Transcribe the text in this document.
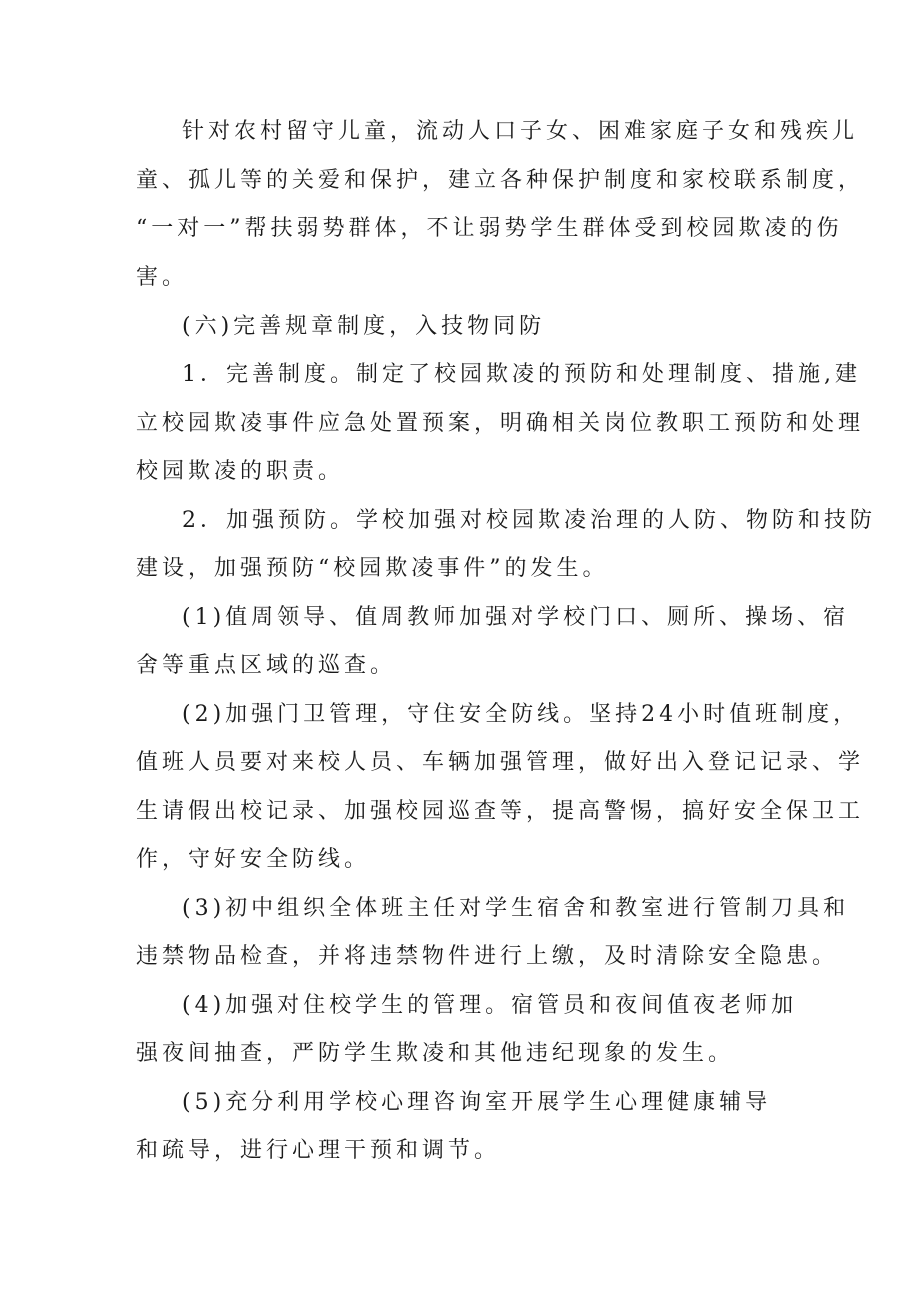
针对农村留守儿童，流动人口子女、困难家庭子女和残疾儿

童、孤儿等的关爱和保护，建立各种保护制度和家校联系制度，

“一对一”帮扶弱势群体，不让弱势学生群体受到校园欺凌的伤

害。

(六)完善规章制度，入技物同防

1．完善制度。制定了校园欺凌的预防和处理制度、措施,建

立校园欺凌事件应急处置预案，明确相关岗位教职工预防和处理

校园欺凌的职责。

2．加强预防。学校加强对校园欺凌治理的人防、物防和技防

建设，加强预防“校园欺凌事件”的发生。

(1)值周领导、值周教师加强对学校门口、厕所、操场、宿

舍等重点区域的巡查。

(2)加强门卫管理，守住安全防线。坚持24小时值班制度，

值班人员要对来校人员、车辆加强管理，做好出入登记记录、学

生请假出校记录、加强校园巡查等，提高警惕，搞好安全保卫工

作，守好安全防线。

(3)初中组织全体班主任对学生宿舍和教室进行管制刀具和

违禁物品检查，并将违禁物件进行上缴，及时清除安全隐患。

(4)加强对住校学生的管理。宿管员和夜间值夜老师加

强夜间抽查，严防学生欺凌和其他违纪现象的发生。

(5)充分利用学校心理咨询室开展学生心理健康辅导

和疏导，进行心理干预和调节。
